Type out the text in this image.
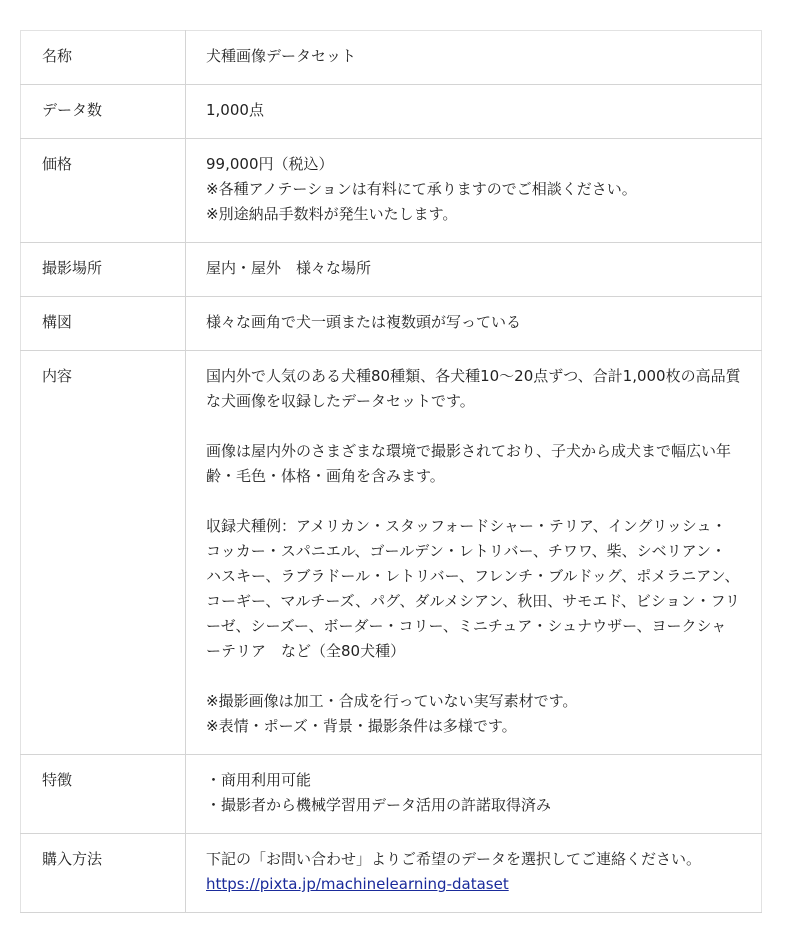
名称	犬種画像データセット

データ数	1,000点

価格	99,000円（税込）
※各種アノテーションは有料にて承りますのでご相談ください。
※別途納品手数料が発生いたします。

撮影場所	屋内・屋外　様々な場所

構図	様々な画角で犬一頭または複数頭が写っている

内容	国内外で人気のある犬種80種類、各犬種10〜20点ずつ、合計1,000枚の高品質な犬画像を収録したデータセットです。
画像は屋内外のさまざまな環境で撮影されており、子犬から成犬まで幅広い年齢・毛色・体格・画角を含みます。
収録犬種例：アメリカン・スタッフォードシャー・テリア、イングリッシュ・コッカー・スパニエル、ゴールデン・レトリバー、チワワ、柴、シベリアン・ハスキー、ラブラドール・レトリバー、フレンチ・ブルドッグ、ポメラニアン、コーギー、マルチーズ、パグ、ダルメシアン、秋田、サモエド、ビション・フリーゼ、シーズー、ボーダー・コリー、ミニチュア・シュナウザー、ヨークシャーテリア　など（全80犬種）
※撮影画像は加工・合成を行っていない実写素材です。
※表情・ポーズ・背景・撮影条件は多様です。

特徴	・商用利用可能
・撮影者から機械学習用データ活用の許諾取得済み

購入方法	下記の「お問い合わせ」よりご希望のデータを選択してご連絡ください。
https://pixta.jp/machinelearning-dataset
